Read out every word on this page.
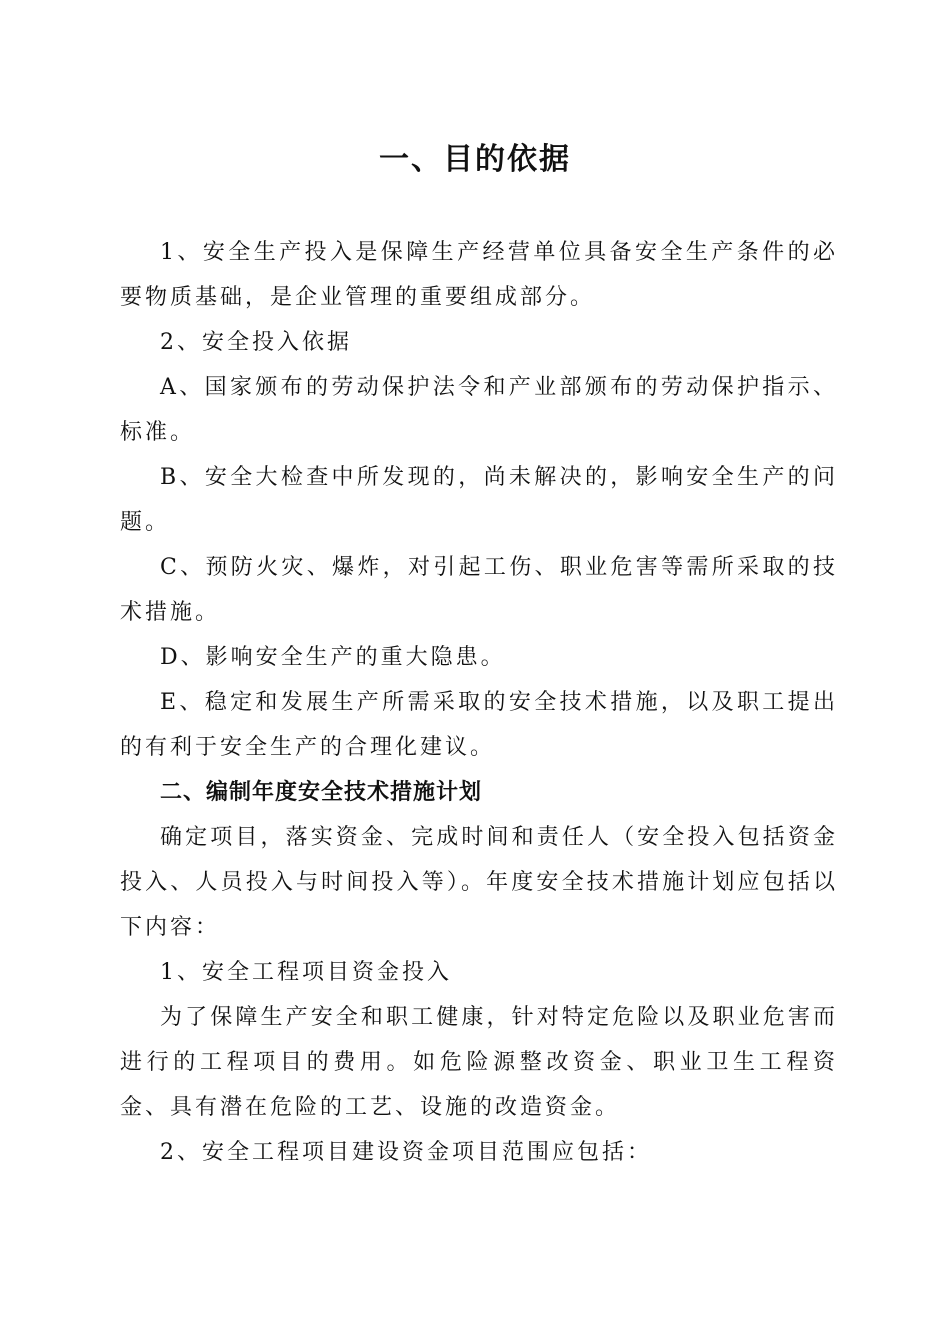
一、目的依据

1、安全生产投入是保障生产经营单位具备安全生产条件的必要物质基础，是企业管理的重要组成部分。

2、安全投入依据

A、国家颁布的劳动保护法令和产业部颁布的劳动保护指示、标准。

B、安全大检查中所发现的，尚未解决的，影响安全生产的问题。

C、预防火灾、爆炸，对引起工伤、职业危害等需所采取的技术措施。

D、影响安全生产的重大隐患。

E、稳定和发展生产所需采取的安全技术措施，以及职工提出的有利于安全生产的合理化建议。

二、编制年度安全技术措施计划

确定项目，落实资金、完成时间和责任人（安全投入包括资金投入、人员投入与时间投入等）。年度安全技术措施计划应包括以下内容：

1、安全工程项目资金投入

为了保障生产安全和职工健康，针对特定危险以及职业危害而进行的工程项目的费用。如危险源整改资金、职业卫生工程资金、具有潜在危险的工艺、设施的改造资金。

2、安全工程项目建设资金项目范围应包括：
